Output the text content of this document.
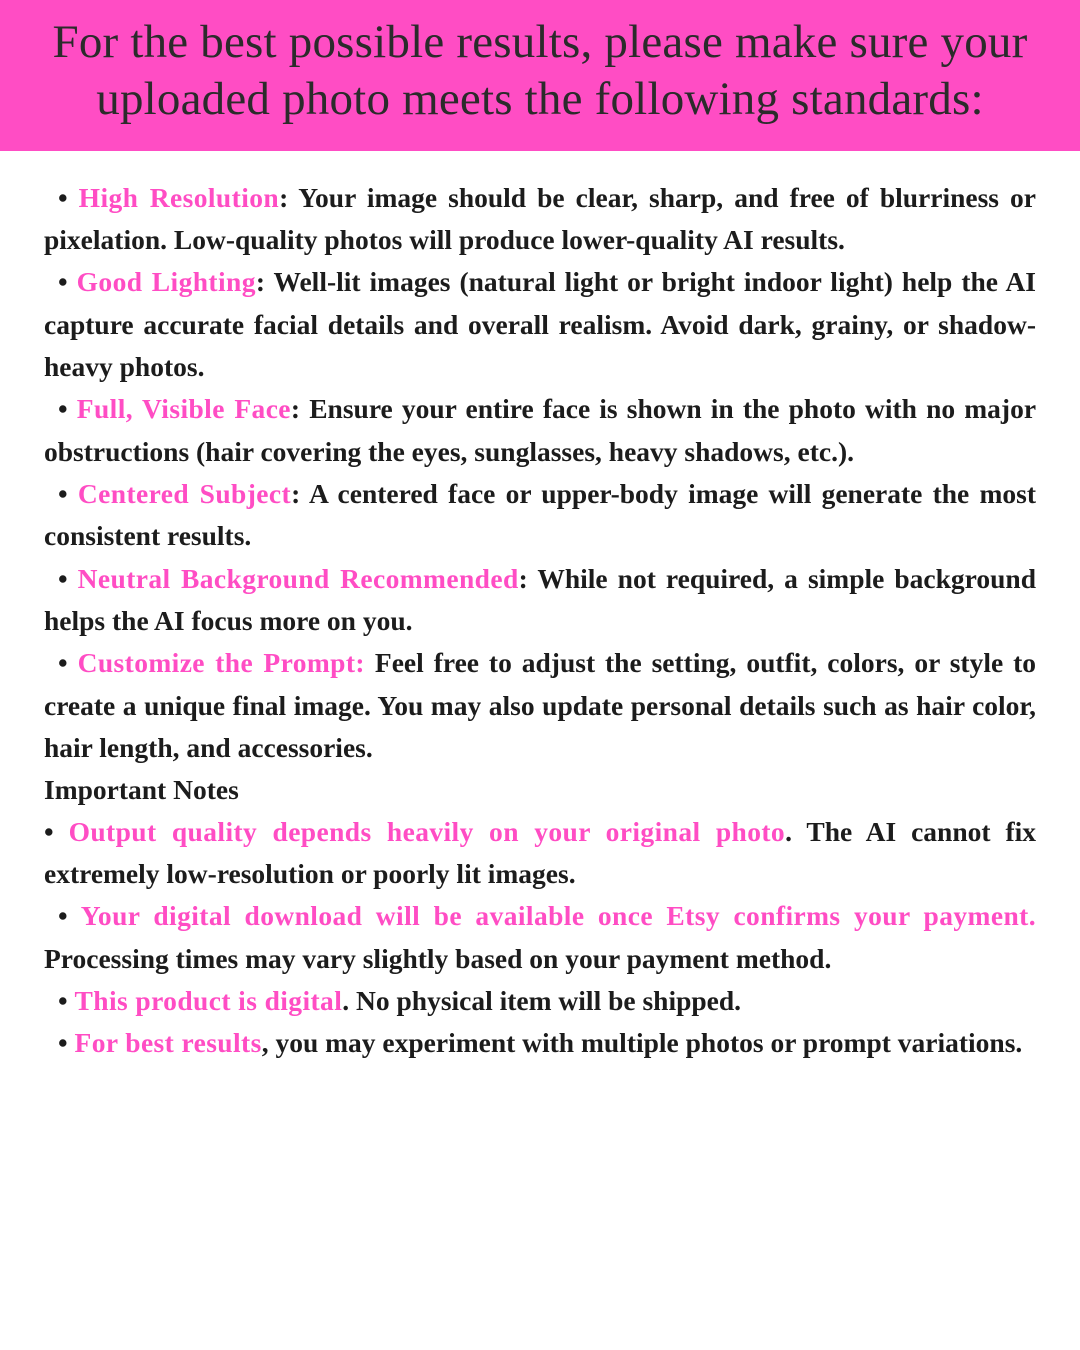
For the best possible results, please make sure your uploaded photo meets the following standards:

• High Resolution: Your image should be clear, sharp, and free of blurriness or pixelation. Low-quality photos will produce lower-quality AI results.

• Good Lighting: Well-lit images (natural light or bright indoor light) help the AI capture accurate facial details and overall realism. Avoid dark, grainy, or shadow-heavy photos.

• Full, Visible Face: Ensure your entire face is shown in the photo with no major obstructions (hair covering the eyes, sunglasses, heavy shadows, etc.).

• Centered Subject: A centered face or upper-body image will generate the most consistent results.

• Neutral Background Recommended: While not required, a simple background helps the AI focus more on you.

• Customize the Prompt: Feel free to adjust the setting, outfit, colors, or style to create a unique final image. You may also update personal details such as hair color, hair length, and accessories.

Important Notes

• Output quality depends heavily on your original photo. The AI cannot fix extremely low-resolution or poorly lit images.

• Your digital download will be available once Etsy confirms your payment. Processing times may vary slightly based on your payment method.

• This product is digital. No physical item will be shipped.

• For best results, you may experiment with multiple photos or prompt variations.
